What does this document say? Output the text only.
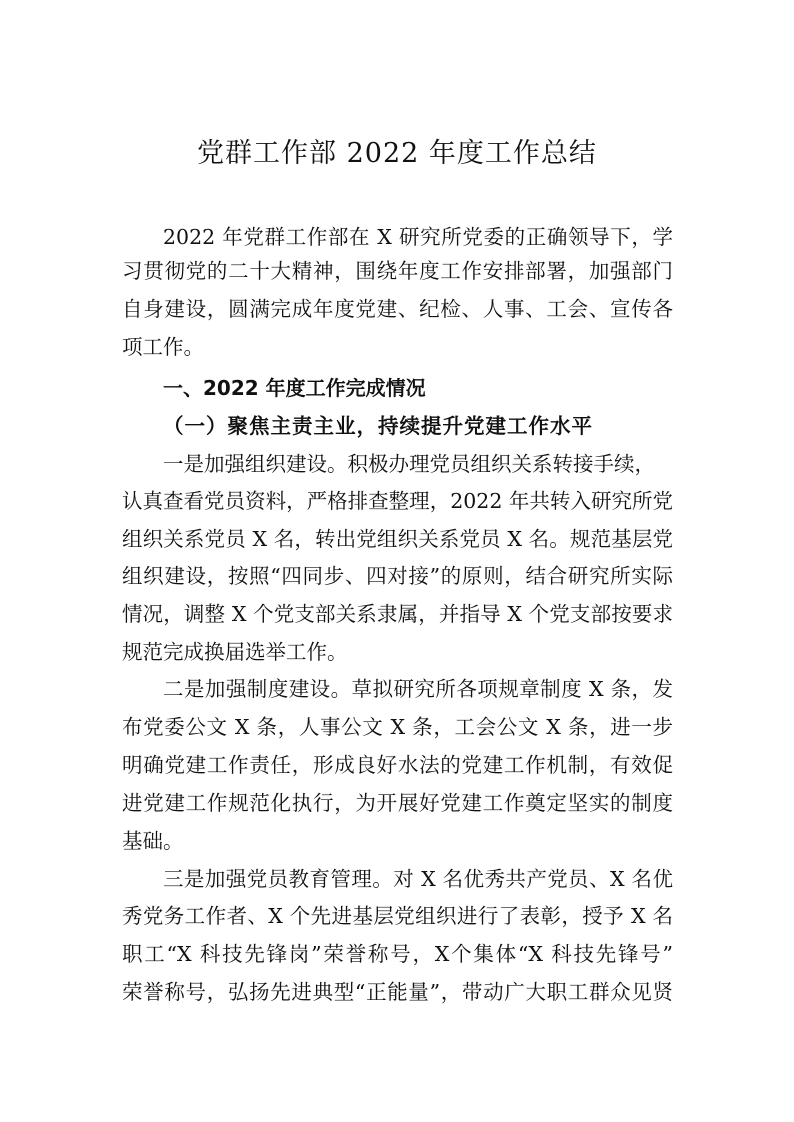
党群工作部 2022 年度工作总结
2022 年党群工作部在 X 研究所党委的正确领导下，学
习贯彻党的二十大精神，围绕年度工作安排部署，加强部门
自身建设，圆满完成年度党建、纪检、人事、工会、宣传各
项工作。
一、2022 年度工作完成情况
（一）聚焦主责主业，持续提升党建工作水平
一是加强组织建设。积极办理党员组织关系转接手续，
认真查看党员资料，严格排查整理，2022 年共转入研究所党
组织关系党员 X 名，转出党组织关系党员 X 名。规范基层党
组织建设，按照“四同步、四对接”的原则，结合研究所实际
情况，调整 X 个党支部关系隶属，并指导 X 个党支部按要求
规范完成换届选举工作。
二是加强制度建设。草拟研究所各项规章制度 X 条，发
布党委公文 X 条，人事公文 X 条，工会公文 X 条，进一步
明确党建工作责任，形成良好水法的党建工作机制，有效促
进党建工作规范化执行，为开展好党建工作奠定坚实的制度
基础。
三是加强党员教育管理。对 X 名优秀共产党员、X 名优
秀党务工作者、X 个先进基层党组织进行了表彰，授予 X 名
职工“X 科技先锋岗”荣誉称号，X个集体“X 科技先锋号”
荣誉称号，弘扬先进典型“正能量”，带动广大职工群众见贤
